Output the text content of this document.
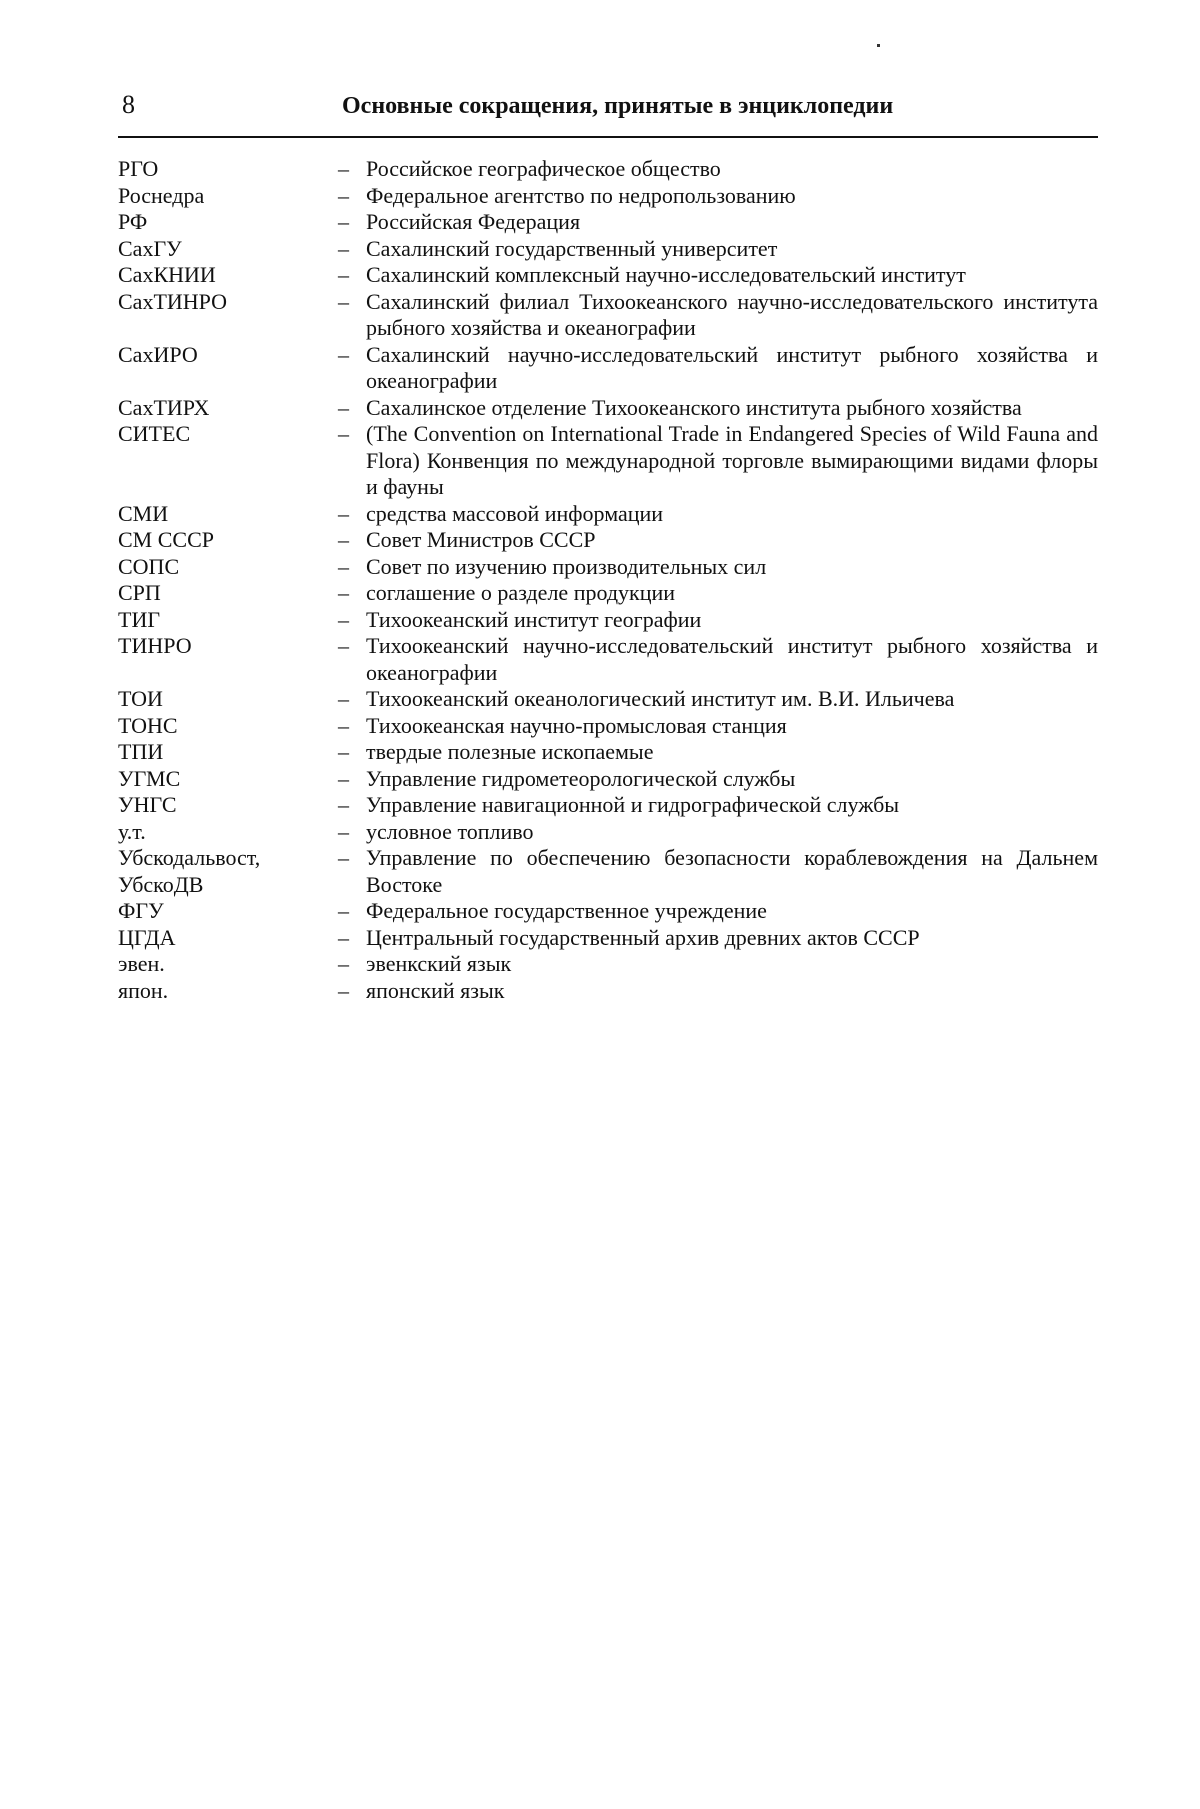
8	Основные сокращения, принятые в энциклопедии
РГО	– Российское географическое общество
Роснедра	– Федеральное агентство по недропользованию
РФ	– Российская Федерация
СахГУ	– Сахалинский государственный университет
СахКНИИ	– Сахалинский комплексный научно-исследовательский институт
СахТИНРО	– Сахалинский филиал Тихоокеанского научно-исследовательско­го института рыбного хозяйства и океанографии
СахИРО	– Сахалинский научно-исследовательский институт рыбного хо­зяйства и океанографии
СахТИРХ	– Сахалинское отделение Тихоокеанского института рыбного хо­зяйства
СИТЕС	– (The Convention on International Trade in Endangered Species of Wild Fauna and Flora) Конвенция по международной торговле вымирающими видами флоры и фауны
СМИ	– средства массовой информации
СМ СССР	– Совет Министров СССР
СОПС	– Совет по изучению производительных сил
СРП	– соглашение о разделе продукции
ТИГ	– Тихоокеанский институт географии
ТИНРО	– Тихоокеанский научно-исследовательский институт рыбного хозяйства и океанографии
ТОИ	– Тихоокеанский океанологический институт им. В.И. Ильичева
ТОНС	– Тихоокеанская научно-промысловая станция
ТПИ	– твердые полезные ископаемые
УГМС	– Управление гидрометеорологической службы
УНГС	– Управление навигационной и гидрографической службы
у.т.	– условное топливо
Убскодальвост, УбскоДВ
– Управление по обеспечению безопасности кораблевождения на Дальнем Востоке
ФГУ	– Федеральное государственное учреждение
ЦГДА	– Центральный государственный архив древних актов СССР
эвен.	– эвенкский язык
япон.	– японский язык
